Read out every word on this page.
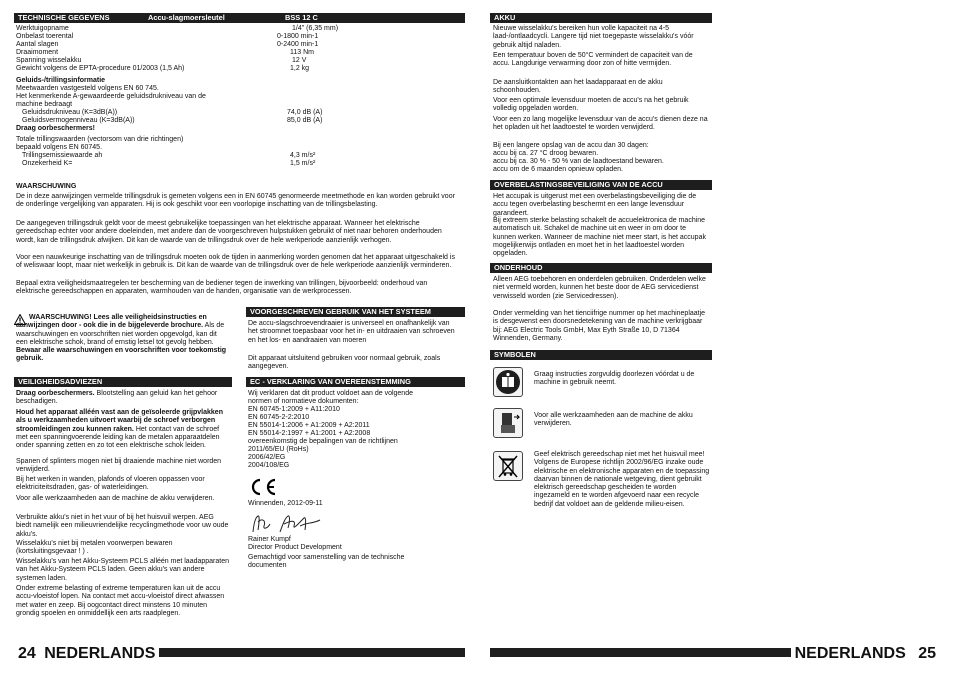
TECHNISCHE GEGEVENS	Accu-slagmoersleutel	BSS 12 C
Werktuigopname	1/4" (6,35 mm)
Onbelast toerental	0-1800 min-1
Aantal slagen	0-2400 min-1
Draaimoment	113 Nm
Spanning wisselakku	12 V
Gewicht volgens de EPTA-procedure 01/2003 (1,5 Ah)	1,2 kg
Geluids-/trillingsinformatie
Meetwaarden vastgesteld volgens EN 60 745.
Het kenmerkende A-gewaardeerde geluidsdrukniveau van de
machine bedraagt
Geluidsdrukniveau (K=3dB(A))	74,0 dB (A)
Geluidsvermogenniveau (K=3dB(A))	85,0 dB (A)
Draag oorbeschermers!
Totale trillingswaarden (vectorsom van drie richtingen)
bepaald volgens EN 60745.
Trillingsemissiewaarde ah	4,3 m/s²
Onzekerheid K=	1,5 m/s²
WAARSCHUWING
De in deze aanwijzingen vermelde trillingsdruk is gemeten volgens een in EN 60745 genormeerde meetmethode en kan worden gebruikt voor de onderlinge vergelijking van apparaten. Hij is ook geschikt voor een voorlopige inschatting van de trillingsbelasting.
De aangegeven trillingsdruk geldt voor de meest gebruikelijke toepassingen van het elektrische apparaat. Wanneer het elektrische gereedschap echter voor andere doeleinden, met andere dan de voorgeschreven hulpstukken gebruikt of niet naar behoren onderhouden wordt, kan de trillingsdruk afwijken. Dit kan de waarde van de trillingsdruk over de hele werkperiode aanzienlijk verhogen.
Voor een nauwkeurige inschatting van de trillingsdruk moeten ook de tijden in aanmerking worden genomen dat het apparaat uitgeschakeld is of weliswaar loopt, maar niet werkelijk in gebruik is. Dit kan de waarde van de trillingsdruk over de hele werkperiode aanzienlijk verminderen.
Bepaal extra veiligheidsmaatregelen ter bescherming van de bediener tegen de inwerking van trillingen, bijvoorbeeld: onderhoud van elektrische gereedschappen en apparaten, warmhouden van de handen, organisatie van de werkprocessen.
WAARSCHUWING! Lees alle veiligheidsinstructies en aanwijzingen door - ook die in de bijgeleverde brochure. Als de waarschuwingen en voorschriften niet worden opgevolgd, kan dit een elektrische schok, brand of ernstig letsel tot gevolg hebben. Bewaar alle waarschuwingen en voorschriften voor toekomstig gebruik.
VEILIGHEIDSADVIEZEN
Draag oorbeschermers. Blootstelling aan geluid kan het gehoor beschadigen.
Houd het apparaat alléén vast aan de geïsoleerde grijpvlakken als u werkzaamheden uitvoert waarbij de schroef verborgen stroomleidingen zou kunnen raken. Het contact van de schroef met een spanningvoerende leiding kan de metalen apparaatdelen onder spanning zetten en zo tot een elektrische schok leiden.
Spanen of splinters mogen niet bij draaiende machine niet worden verwijderd.
Bij het werken in wanden, plafonds of vloeren oppassen voor elektriciteitsdraden, gas- of waterleidingen.
Voor alle werkzaamheden aan de machine de akku verwijderen.
Verbruikte akku's niet in het vuur of bij het huisvuil werpen. AEG biedt namelijk een milieuvriendelijke recyclingmethode voor uw oude akku's.
Wisselakku's niet bij metalen voorwerpen bewaren (kortsluitingsgevaar ! ) .
Wisselakku's van het Akku-Systeem PCLS alléén met laadapparaten van het Akku-Systeem PCLS laden. Geen akku's van andere systemen laden.
Onder extreme belasting of extreme temperaturen kan uit de accu accu-vloeistof lopen. Na contact met accu-vloeistof direct afwassen met water en zeep. Bij oogcontact direct minstens 10 minuten grondig spoelen en onmiddellijk een arts raadplegen.
VOORGESCHREVEN GEBRUIK VAN HET SYSTEEM
De accu-slagschroevendraaier is universeel en onafhankelijk van het stroomnet toepasbaar voor het in- en uitdraaien van schroeven en het los- en aandraaien van moeren
Dit apparaat uitsluitend gebruiken voor normaal gebruik, zoals aangegeven.
EC - VERKLARING VAN OVEREENSTEMMING
Wij verklaren dat dit product voldoet aan de volgende
normen of normatieve dokumenten:
EN 60745-1:2009 + A11:2010
EN 60745-2-2:2010
EN 55014-1:2006 + A1:2009 + A2:2011
EN 55014-2:1997 + A1:2001 + A2:2008
overeenkomstig de bepalingen van de richtlijnen
2011/65/EU (RoHs)
2006/42/EG
2004/108/EG
Winnenden, 2012-09-11
Rainer Kumpf
Director Product Development
Gemachtigd voor samenstelling van de technische
documenten
24 NEDERLANDS
AKKU
Nieuwe wisselakku's bereiken hun volle kapaciteit na 4-5 laad-/ontlaadcycli. Langere tijd niet toegepaste wisselakku's vóór gebruik altijd naladen.
Een temperatuur boven de 50°C vermindert de capaciteit van de accu. Langdurige verwarming door zon of hitte vermijden.
De aansluitkontakten aan het laadapparaat en de akku schoonhouden.
Voor een optimale levensduur moeten de accu's na het gebruik volledig opgeladen worden.
Voor een zo lang mogelijke levensduur van de accu's dienen deze na het opladen uit het laadtoestel te worden verwijderd.
Bij een langere opslag van de accu dan 30 dagen:
accu bij ca. 27 °C droog bewaren.
accu bij ca. 30 % - 50 % van de laadtoestand bewaren.
accu om de 6 maanden opnieuw opladen.
OVERBELASTINGSBEVEILIGING VAN DE ACCU
Het accupak is uitgerust met een overbelastingsbeveiliging die de accu tegen overbelasting beschermt en een lange levensduur garandeert.
Bij extreem sterke belasting schakelt de accuelektronica de machine automatisch uit. Schakel de machine uit en weer in om door te kunnen werken. Wanneer de machine niet meer start, is het accupak mogelijkerwijs ontladen en moet het in het laadtoestel worden opgeladen.
ONDERHOUD
Alleen AEG toebehoren en onderdelen gebruiken. Onderdelen welke niet vermeld worden, kunnen het beste door de AEG servicedienst verwisseld worden (zie Servicedressen).
Onder vermelding van het tienciifrige nummer op het machineplaatje is desgewenst een doorsnedetekening van de machine verkrijgbaar bij: AEG Electric Tools GmbH, Max Eyth Straße 10, D 71364 Winnenden, Germany.
SYMBOLEN
Graag instructies zorgvuldig doorlezen vóórdat u de machine in gebruik neemt.
Voor alle werkzaamheden aan de machine de akku verwijderen.
Geef elektrisch gereedschap niet met het huisvuil mee! Volgens de Europese richtlijn 2002/96/EG inzake oude elektrische en elektronische apparaten en de toepassing daarvan binnen de nationale wetgeving, dient gebruikt elektrisch gereedschap gescheiden te worden ingezameld en te worden afgevoerd naar een recycle bedrijf dat voldoet aan de geldende milieu-eisen.
NEDERLANDS 25
